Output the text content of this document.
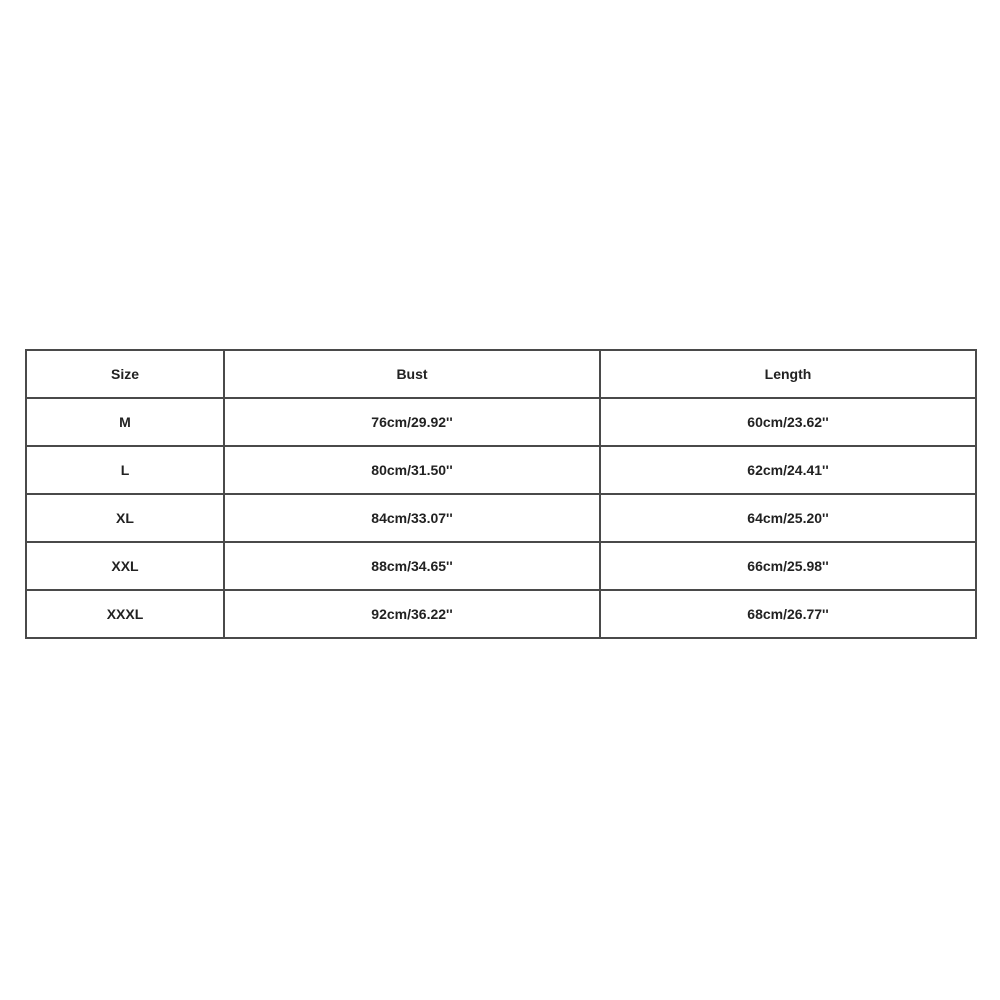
Size	Bust	Length
M	76cm/29.92''	60cm/23.62''
L	80cm/31.50''	62cm/24.41''
XL	84cm/33.07''	64cm/25.20''
XXL	88cm/34.65''	66cm/25.98''
XXXL	92cm/36.22''	68cm/26.77''
